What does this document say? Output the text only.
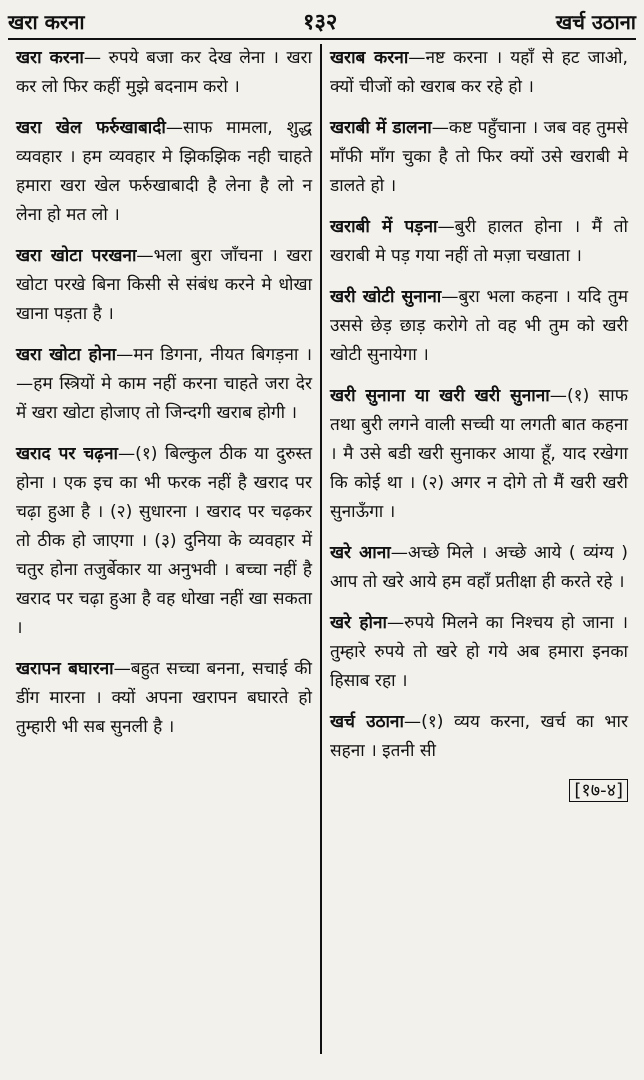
खरा करना	१३२	खर्च उठाना

खरा करना— रुपये बजा कर देख लेना । खरा कर लो फिर कहीं मुझे बदनाम करो ।

खरा खेल फर्रुखाबादी—साफ मामला, शुद्ध व्यवहार । हम व्यवहार मे झिकझिक नही चाहते हमारा खरा खेल फर्रुखाबादी है लेना है लो न लेना हो मत लो ।

खरा खोटा परखना—भला बुरा जाँचना । खरा खोटा परखे बिना किसी से संबंध करने मे धोखा खाना पड़ता है ।

खरा खोटा होना—मन डिगना, नीयत बिगड़ना ।—हम स्त्रियों मे काम नहीं करना चाहते जरा देर में खरा खोटा होजाए तो जिन्दगी खराब होगी ।

खराद पर चढ़ना—(१) बिल्कुल ठीक या दुरुस्त होना । एक इच का भी फरक नहीं है खराद पर चढ़ा हुआ है । (२) सुधारना । खराद पर चढ़कर तो ठीक हो जाएगा । (३) दुनिया के व्यवहार में चतुर होना तजुर्बेकार या अनुभवी । बच्चा नहीं है खराद पर चढ़ा हुआ है वह धोखा नहीं खा सकता ।

खरापन बघारना—बहुत सच्चा बनना, सचाई की डींग मारना । क्यों अपना खरापन बघारते हो तुम्हारी भी सब सुनली है ।

खराब करना—नष्ट करना । यहाँ से हट जाओ, क्यों चीजों को खराब कर रहे हो ।

खराबी में डालना—कष्ट पहुँचाना । जब वह तुमसे माँफी माँग चुका है तो फिर क्यों उसे खराबी मे डालते हो ।

खराबी में पड़ना—बुरी हालत होना । मैं तो खराबी मे पड़ गया नहीं तो मज़ा चखाता ।

खरी खोटी सुनाना—बुरा भला कहना । यदि तुम उससे छेड़ छाड़ करोगे तो वह भी तुम को खरी खोटी सुनायेगा ।

खरी सुनाना या खरी खरी सुनाना—(१) साफ तथा बुरी लगने वाली सच्ची या लगती बात कहना । मै उसे बडी खरी सुनाकर आया हूँ, याद रखेगा कि कोई था । (२) अगर न दोगे तो मैं खरी खरी सुनाऊँगा ।

खरे आना—अच्छे मिले । अच्छे आये ( व्यंग्य ) आप तो खरे आये हम वहाँ प्रतीक्षा ही करते रहे ।

खरे होना—रुपये मिलने का निश्चय हो जाना । तुम्हारे रुपये तो खरे हो गये अब हमारा इनका हिसाब रहा ।

खर्च उठाना—(१) व्यय करना, खर्च का भार सहना । इतनी सी

[१७-४]
